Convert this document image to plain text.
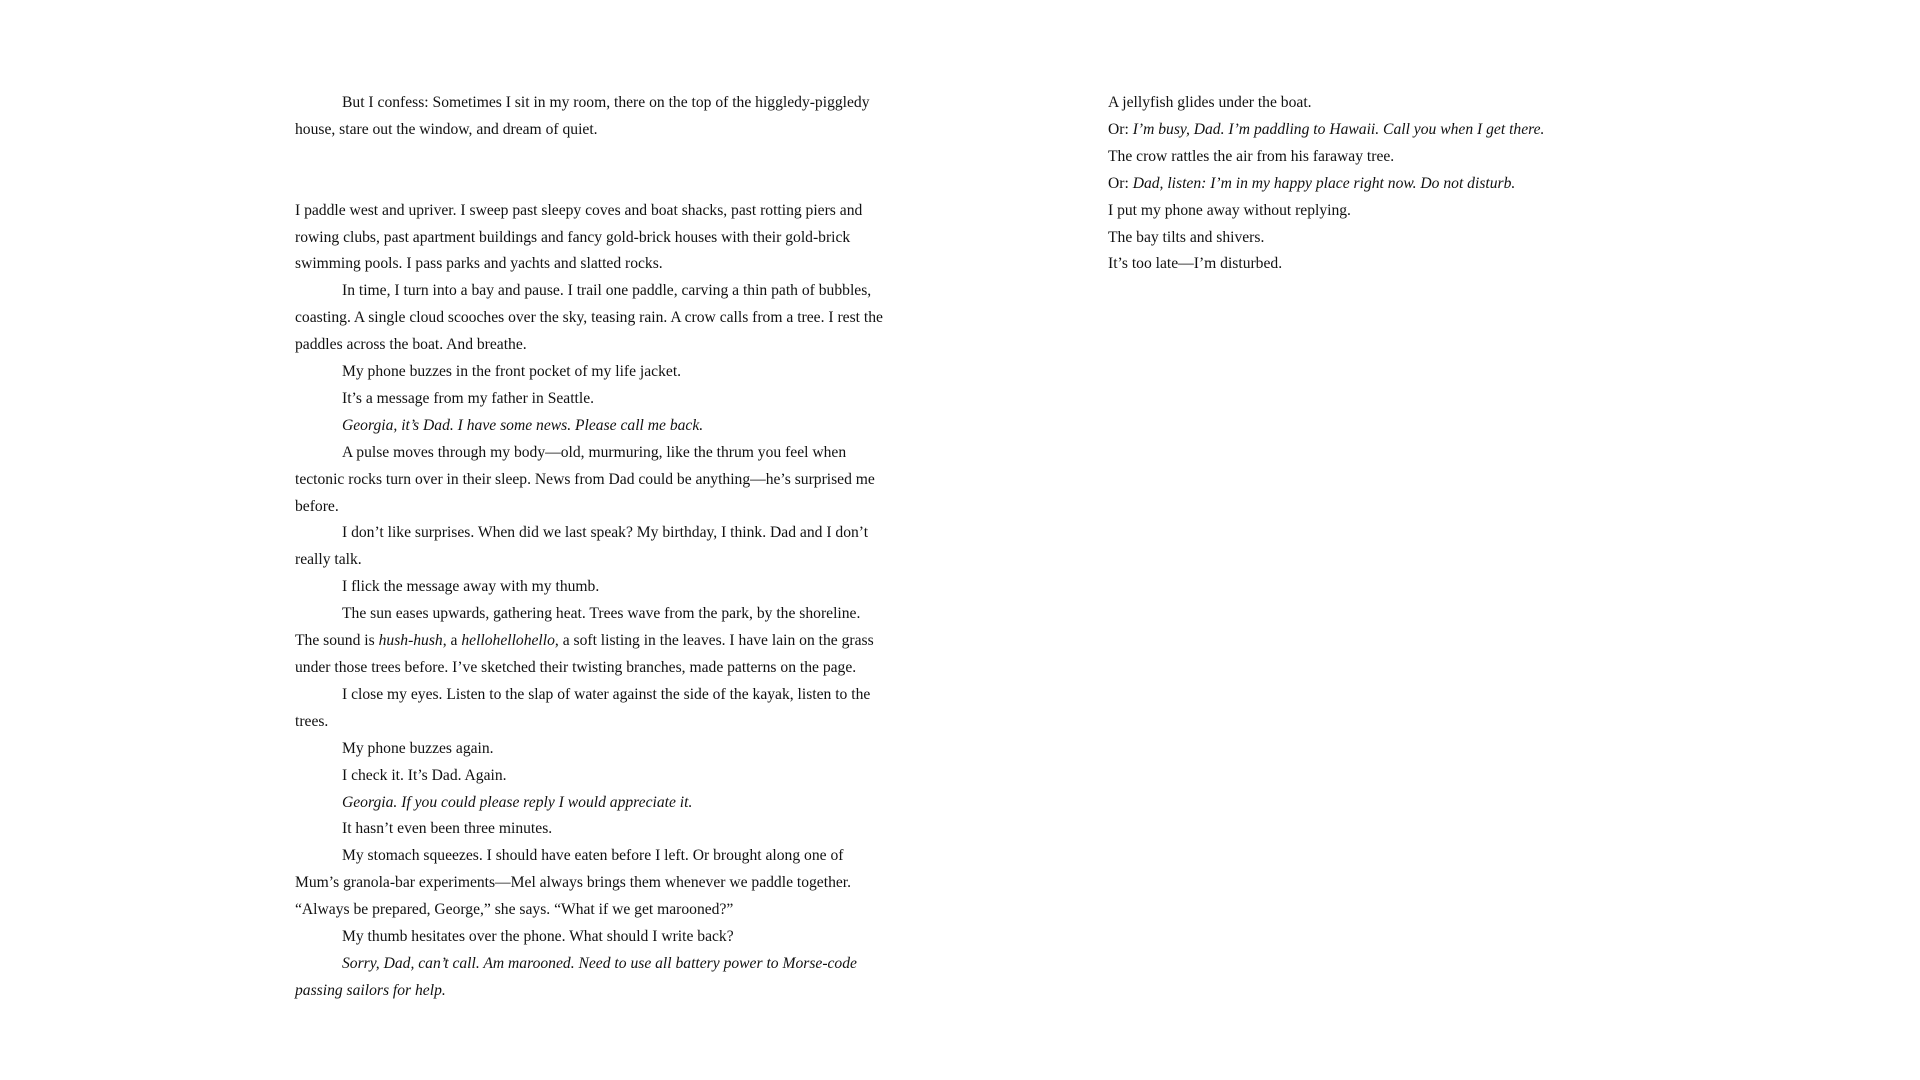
But I confess: Sometimes I sit in my room, there on the top of the higgledy-piggledy house, stare out the window, and dream of quiet.

I paddle west and upriver. I sweep past sleepy coves and boat shacks, past rotting piers and rowing clubs, past apartment buildings and fancy gold-brick houses with their gold-brick swimming pools. I pass parks and yachts and slatted rocks.

In time, I turn into a bay and pause. I trail one paddle, carving a thin path of bubbles, coasting. A single cloud scooches over the sky, teasing rain. A crow calls from a tree. I rest the paddles across the boat. And breathe.

My phone buzzes in the front pocket of my life jacket.

It’s a message from my father in Seattle.

Georgia, it’s Dad. I have some news. Please call me back.

A pulse moves through my body—old, murmuring, like the thrum you feel when tectonic rocks turn over in their sleep. News from Dad could be anything—he’s surprised me before.

I don’t like surprises. When did we last speak? My birthday, I think. Dad and I don’t really talk.

I flick the message away with my thumb.

The sun eases upwards, gathering heat. Trees wave from the park, by the shoreline. The sound is hush-hush, a hellohellohello, a soft listing in the leaves. I have lain on the grass under those trees before. I’ve sketched their twisting branches, made patterns on the page.

I close my eyes. Listen to the slap of water against the side of the kayak, listen to the trees.

My phone buzzes again.

I check it. It’s Dad. Again.

Georgia. If you could please reply I would appreciate it.

It hasn’t even been three minutes.

My stomach squeezes. I should have eaten before I left. Or brought along one of Mum’s granola-bar experiments—Mel always brings them whenever we paddle together. “Always be prepared, George,” she says. “What if we get marooned?”

My thumb hesitates over the phone. What should I write back?

Sorry, Dad, can’t call. Am marooned. Need to use all battery power to Morse-code passing sailors for help.

A jellyfish glides under the boat.

Or: I’m busy, Dad. I’m paddling to Hawaii. Call you when I get there.

The crow rattles the air from his faraway tree.

Or: Dad, listen: I’m in my happy place right now. Do not disturb.

I put my phone away without replying.

The bay tilts and shivers.

It’s too late—I’m disturbed.
